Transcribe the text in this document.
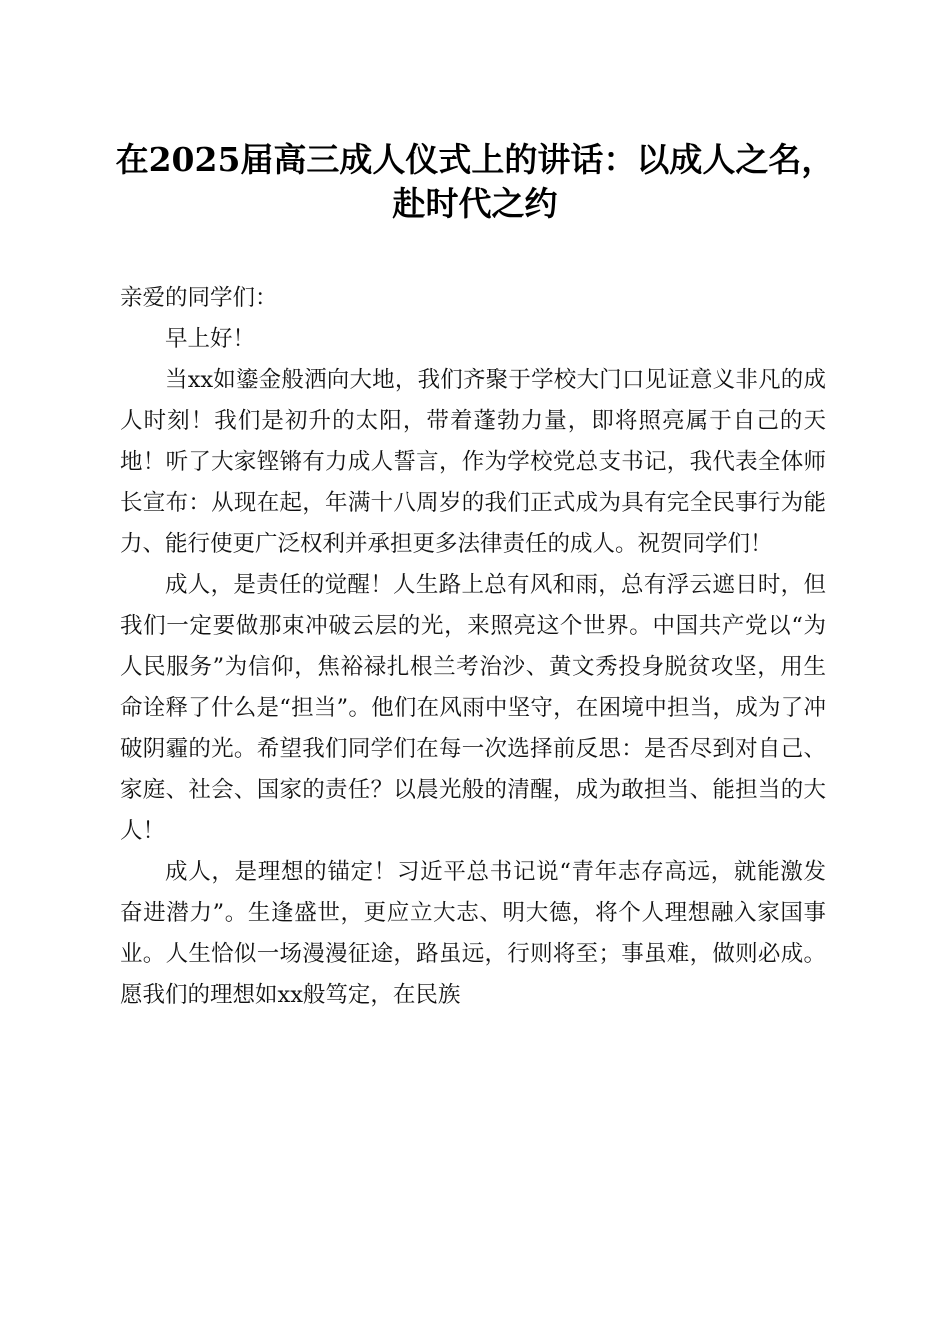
在2025届高三成人仪式上的讲话：以成人之名，赴时代之约

亲爱的同学们：

早上好！

当xx如鎏金般洒向大地，我们齐聚于学校大门口见证意义非凡的成人时刻！我们是初升的太阳，带着蓬勃力量，即将照亮属于自己的天地！听了大家铿锵有力成人誓言，作为学校党总支书记，我代表全体师长宣布：从现在起，年满十八周岁的我们正式成为具有完全民事行为能力、能行使更广泛权利并承担更多法律责任的成人。祝贺同学们！

成人，是责任的觉醒！人生路上总有风和雨，总有浮云遮日时，但我们一定要做那束冲破云层的光，来照亮这个世界。中国共产党以“为人民服务”为信仰，焦裕禄扎根兰考治沙、黄文秀投身脱贫攻坚，用生命诠释了什么是“担当”。他们在风雨中坚守，在困境中担当，成为了冲破阴霾的光。希望我们同学们在每一次选择前反思：是否尽到对自己、家庭、社会、国家的责任？以晨光般的清醒，成为敢担当、能担当的大人！

成人，是理想的锚定！习近平总书记说“青年志存高远，就能激发奋进潜力”。生逢盛世，更应立大志、明大德，将个人理想融入家国事业。人生恰似一场漫漫征途，路虽远，行则将至；事虽难，做则必成。愿我们的理想如xx般笃定，在民族
